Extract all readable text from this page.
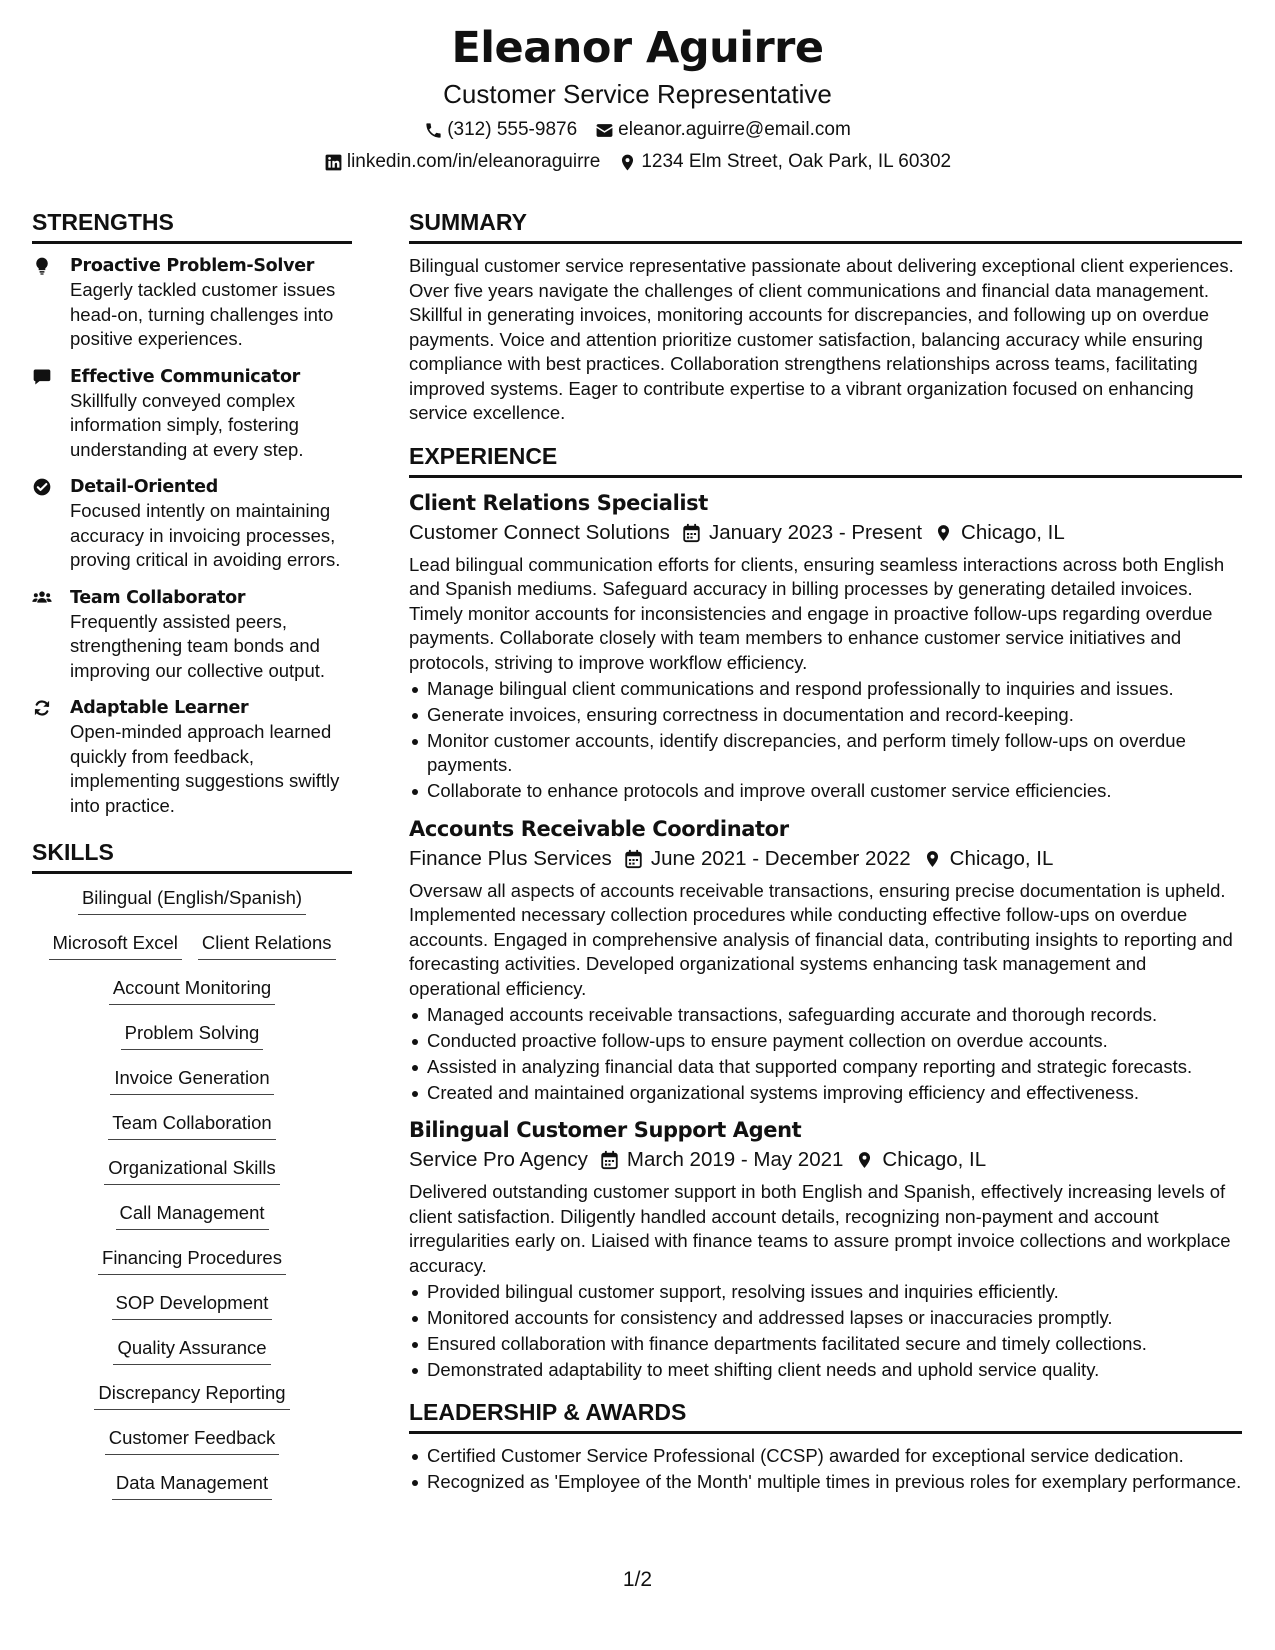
Eleanor Aguirre
Customer Service Representative
(312) 555-9876 eleanor.aguirre@email.com
linkedin.com/in/eleanoraguirre 1234 Elm Street, Oak Park, IL 60302
STRENGTHS
Proactive Problem-Solver
Eagerly tackled customer issues head-on, turning challenges into positive experiences.
Effective Communicator
Skillfully conveyed complex information simply, fostering understanding at every step.
Detail-Oriented
Focused intently on maintaining accuracy in invoicing processes, proving critical in avoiding errors.
Team Collaborator
Frequently assisted peers, strengthening team bonds and improving our collective output.
Adaptable Learner
Open-minded approach learned quickly from feedback, implementing suggestions swiftly into practice.
SKILLS
Bilingual (English/Spanish)
Microsoft Excel Client Relations
Account Monitoring
Problem Solving
Invoice Generation
Team Collaboration
Organizational Skills
Call Management
Financing Procedures
SOP Development
Quality Assurance
Discrepancy Reporting
Customer Feedback
Data Management
SUMMARY

Bilingual customer service representative passionate about delivering exceptional client experiences. Over five years navigate the challenges of client communications and financial data management. Skillful in generating invoices, monitoring accounts for discrepancies, and following up on overdue payments. Voice and attention prioritize customer satisfaction, balancing accuracy while ensuring compliance with best practices. Collaboration strengthens relationships across teams, facilitating improved systems. Eager to contribute expertise to a vibrant organization focused on enhancing service excellence.

EXPERIENCE
Client Relations Specialist
Customer Connect Solutions January 2023 - Present Chicago, IL

Lead bilingual communication efforts for clients, ensuring seamless interactions across both English and Spanish mediums. Safeguard accuracy in billing processes by generating detailed invoices. Timely monitor accounts for inconsistencies and engage in proactive follow-ups regarding overdue payments. Collaborate closely with team members to enhance customer service initiatives and protocols, striving to improve workflow efficiency.

Manage bilingual client communications and respond professionally to inquiries and issues.
Generate invoices, ensuring correctness in documentation and record-keeping.
Monitor customer accounts, identify discrepancies, and perform timely follow-ups on overdue payments.
Collaborate to enhance protocols and improve overall customer service efficiencies.
Accounts Receivable Coordinator
Finance Plus Services June 2021 - December 2022 Chicago, IL

Oversaw all aspects of accounts receivable transactions, ensuring precise documentation is upheld. Implemented necessary collection procedures while conducting effective follow-ups on overdue accounts. Engaged in comprehensive analysis of financial data, contributing insights to reporting and forecasting activities. Developed organizational systems enhancing task management and operational efficiency.

Managed accounts receivable transactions, safeguarding accurate and thorough records.
Conducted proactive follow-ups to ensure payment collection on overdue accounts.
Assisted in analyzing financial data that supported company reporting and strategic forecasts.
Created and maintained organizational systems improving efficiency and effectiveness.
Bilingual Customer Support Agent
Service Pro Agency March 2019 - May 2021 Chicago, IL

Delivered outstanding customer support in both English and Spanish, effectively increasing levels of client satisfaction. Diligently handled account details, recognizing non-payment and account irregularities early on. Liaised with finance teams to assure prompt invoice collections and workplace accuracy.

Provided bilingual customer support, resolving issues and inquiries efficiently.
Monitored accounts for consistency and addressed lapses or inaccuracies promptly.
Ensured collaboration with finance departments facilitated secure and timely collections.
Demonstrated adaptability to meet shifting client needs and uphold service quality.
LEADERSHIP & AWARDS
Certified Customer Service Professional (CCSP) awarded for exceptional service dedication.
Recognized as 'Employee of the Month' multiple times in previous roles for exemplary performance.
1/2
